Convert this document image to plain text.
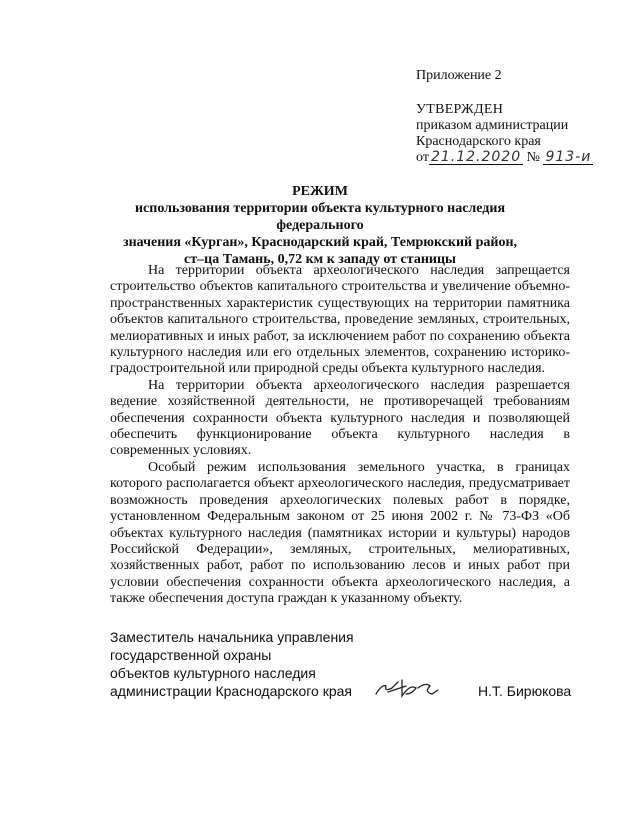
Приложение 2
УТВЕРЖДЕН
приказом администрации
Краснодарского края
от 21.12.2020 № 913-и
РЕЖИМ
использования территории объекта культурного наследия федерального
значения «Курган», Краснодарский край, Темрюкский район,
ст–ца Тамань, 0,72 км к западу от станицы

На территории объекта археологического наследия запрещается строительство объектов капитального строительства и увеличение объемно-пространственных характеристик существующих на территории памятника объектов капитального строительства, проведение земляных, строительных, мелиоративных и иных работ, за исключением работ по сохранению объекта культурного наследия или его отдельных элементов, сохранению историко-градостроительной или природной среды объекта культурного наследия.

На территории объекта археологического наследия разрешается ведение хозяйственной деятельности, не противоречащей требованиям обеспечения сохранности объекта культурного наследия и позволяющей обеспечить функционирование объекта культурного наследия в современных условиях.

Особый режим использования земельного участка, в границах которого располагается объект археологического наследия, предусматривает возможность проведения археологических полевых работ в порядке, установленном Федеральным законом от 25 июня 2002 г. № 73-ФЗ «Об объектах культурного наследия (памятниках истории и культуры) народов Российской Федерации», земляных, строительных, мелиоративных, хозяйственных работ, работ по использованию лесов и иных работ при условии обеспечения сохранности объекта археологического наследия, а также обеспечения доступа граждан к указанному объекту.

Заместитель начальника управления
государственной охраны
объектов культурного наследия
администрации Краснодарского края	Н.Т. Бирюкова
